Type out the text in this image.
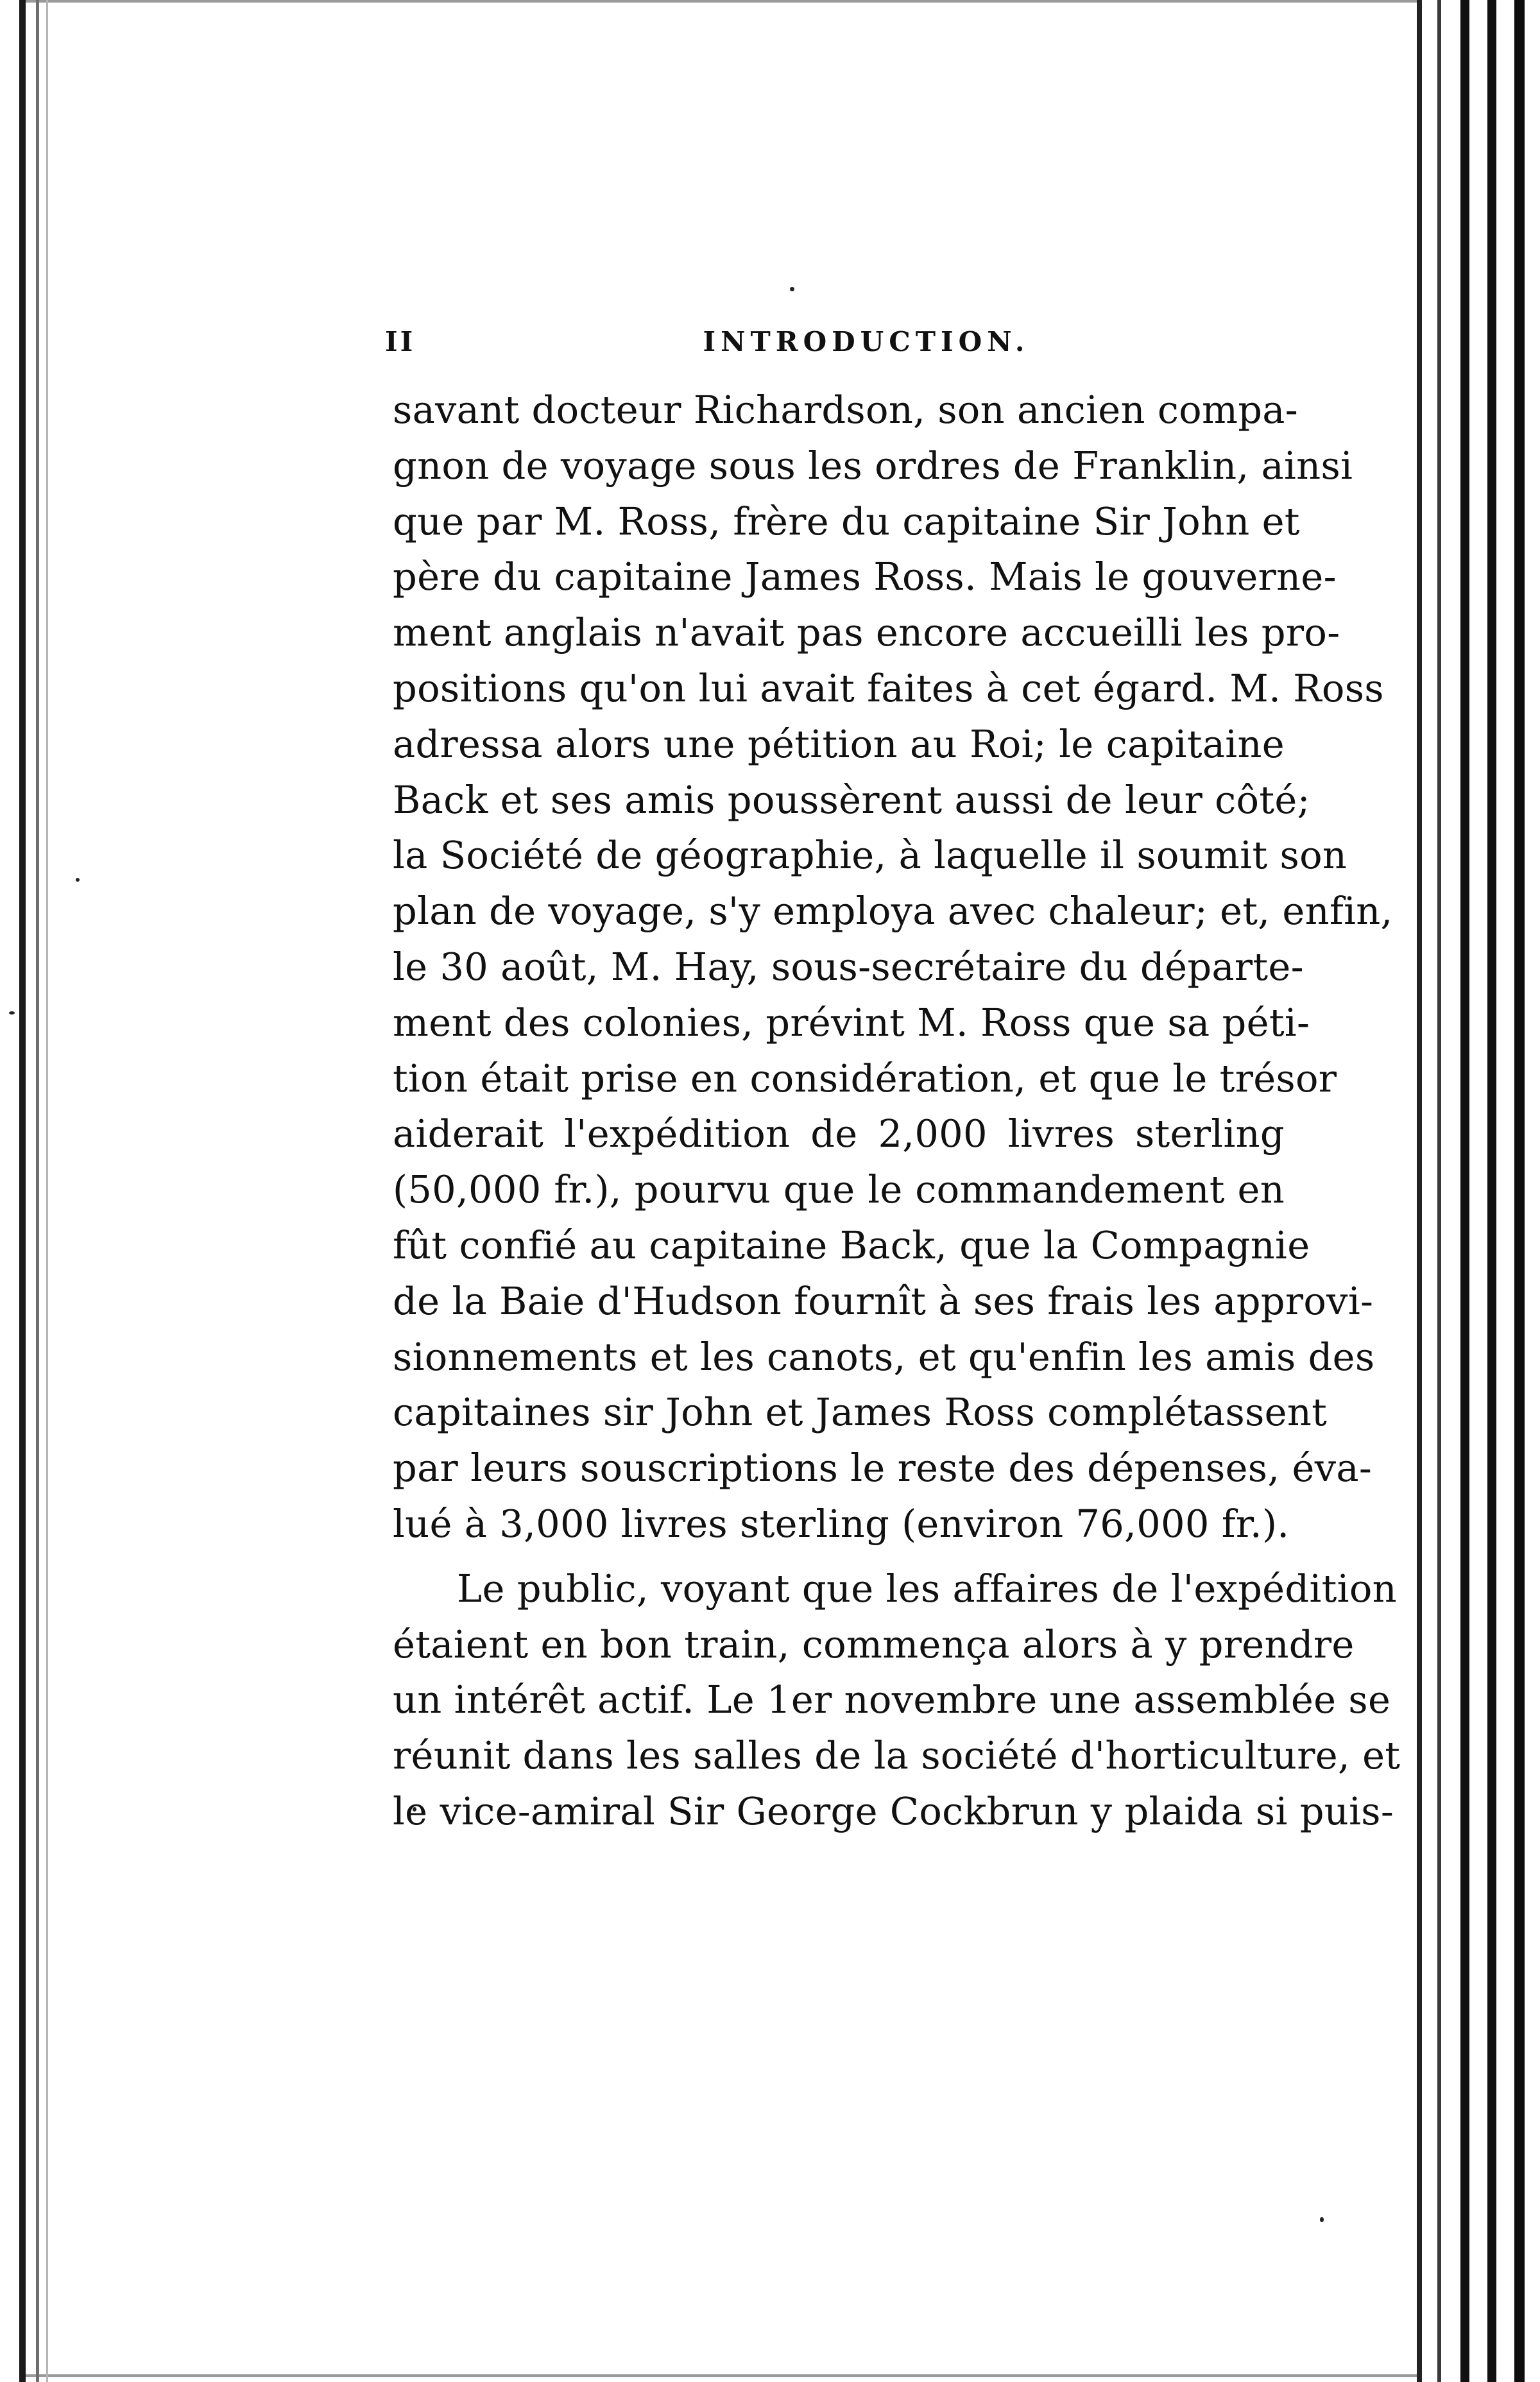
II	INTRODUCTION.
savant docteur Richardson, son ancien compa-
gnon de voyage sous les ordres de Franklin, ainsi
que par M. Ross, frère du capitaine Sir John et
père du capitaine James Ross. Mais le gouverne-
ment anglais n'avait pas encore accueilli les pro-
positions qu'on lui avait faites à cet égard. M. Ross
adressa alors une pétition au Roi; le capitaine
Back et ses amis poussèrent aussi de leur côté;
la Société de géographie, à laquelle il soumit son
plan de voyage, s'y employa avec chaleur; et, enfin,
le 30 août, M. Hay, sous-secrétaire du départe-
ment des colonies, prévint M. Ross que sa péti-
tion était prise en considération, et que le trésor
aiderait l'expédition de 2,000 livres sterling
(50,000 fr.), pourvu que le commandement en
fût confié au capitaine Back, que la Compagnie
de la Baie d'Hudson fournît à ses frais les approvi-
sionnements et les canots, et qu'enfin les amis des
capitaines sir John et James Ross complétassent
par leurs souscriptions le reste des dépenses, éva-
lué à 3,000 livres sterling (environ 76,000 fr.).
Le public, voyant que les affaires de l'expédition
étaient en bon train, commença alors à y prendre
un intérêt actif. Le 1er novembre une assemblée se
réunit dans les salles de la société d'horticulture, et
le vice-amiral Sir George Cockbrun y plaida si puis-
